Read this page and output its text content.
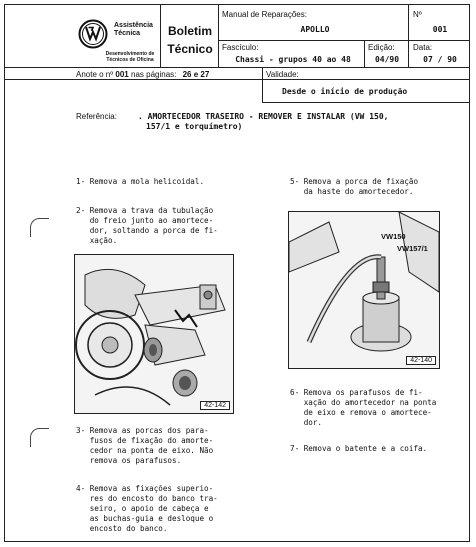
Assistência
Técnica
Desenvolvimento de
Técnicos de Oficina
Boletim
Técnico
Manual de Reparações:
APOLLO
Nº
001
Fascículo:
Chassi - grupos 40 ao 48
Edição:
04/90
Data:
07 / 90
Anote o nº 001 nas páginas: 26 e 27	Validade:
Desde o início de produção
Referência:	. AMORTECEDOR TRASEIRO - REMOVER E INSTALAR (VW 150,
157/1 e torquímetro)
1- Remova a mola helicoidal.
2- Remova a trava da tubulação
do freio junto ao amortece-
dor, soltando a porca de fi-
xação.
42-142
3- Remova as porcas dos para-
fusos de fixação do amorte-
cedor na ponta de eixo. Não
remova os parafusos.
4- Remova as fixações superio-
res do encosto do banco tra-
seiro, o apoio de cabeça e
as buchas-guia e desloque o
encosto do banco.
5- Remova a porca de fixação
da haste do amortecedor.
VW150
VW157/1
42-140
6- Remova os parafusos de fi-
xação do amortecedor na ponta
de eixo e remova o amortece-
dor.
7- Remova o batente e a coifa.
